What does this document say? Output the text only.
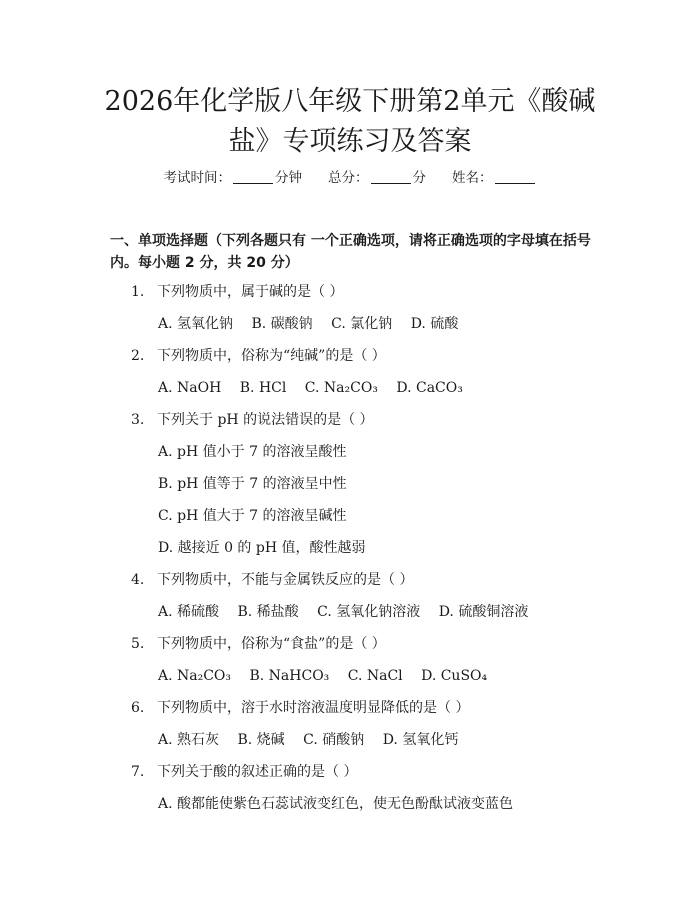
2026年化学版八年级下册第2单元《酸碱盐》专项练习及答案
考试时间：	分钟 总分：	分 姓名：
一、单项选择题（下列各题只有 一个正确选项，请将正确选项的字母填在括号内。每小题 2 分，共 20 分）
1. 下列物质中，属于碱的是（ ）
A. 氢氧化钠 B. 碳酸钠 C. 氯化钠 D. 硫酸
2. 下列物质中，俗称为“纯碱”的是（ ）
A. NaOH B. HCl C. Na₂CO₃ D. CaCO₃
3. 下列关于 pH 的说法错误的是（ ）
A. pH 值小于 7 的溶液呈酸性
B. pH 值等于 7 的溶液呈中性
C. pH 值大于 7 的溶液呈碱性
D. 越接近 0 的 pH 值，酸性越弱
4. 下列物质中，不能与金属铁反应的是（ ）
A. 稀硫酸 B. 稀盐酸 C. 氢氧化钠溶液 D. 硫酸铜溶液
5. 下列物质中，俗称为“食盐”的是（ ）
A. Na₂CO₃ B. NaHCO₃ C. NaCl D. CuSO₄
6. 下列物质中，溶于水时溶液温度明显降低的是（ ）
A. 熟石灰 B. 烧碱 C. 硝酸钠 D. 氢氧化钙
7. 下列关于酸的叙述正确的是（ ）
A. 酸都能使紫色石蕊试液变红色，使无色酚酞试液变蓝色
